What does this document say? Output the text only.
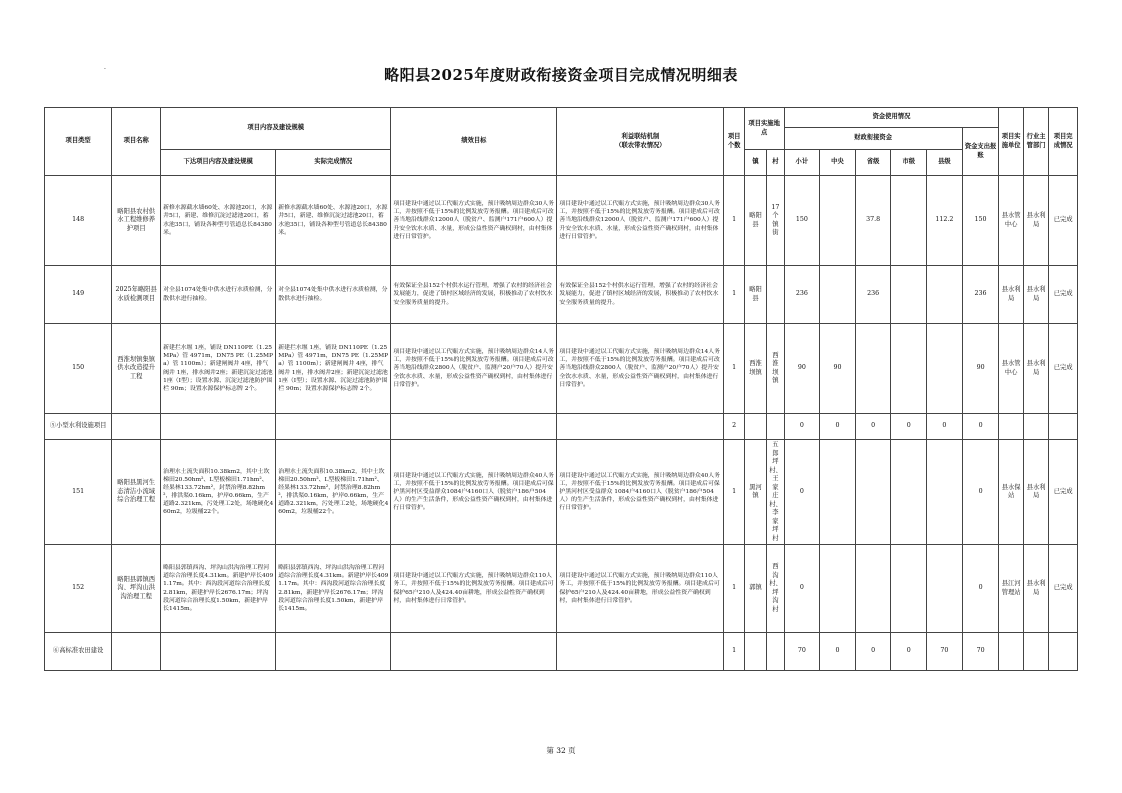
.	略阳县2025年度财政衔接资金项目完成情况明细表
项目类型	项目名称	项目内容及建设规模		绩效目标	利益联结机制
（联农带农情况）	项目个数	项目实施地点		资金使用情况						项目实施单位	行业主管部门	项目完成情况
									财政衔接资金					资金支出报账			
		下达项目内容及建设规模	实际完成情况				镇	村	小计	中央	省级	市级	县级				
148	略阳县农村供水工程维修养护项目	新修水源截水墙60处、水源池20口，水源井5口，新建、维修沉淀过滤池20口，蓄水池35口，铺设各种型号管道总长84380米。	新修水源截水墙60处、水源池20口，水源井5口，新建、维修沉淀过滤池20口，蓄水池35口，铺设各种型号管道总长84380米。	项目建设中通过以工代赈方式实施，预计吸纳周边群众30人务工，并按照不低于15%的比例发放劳务报酬。项目建成后可改善当地沿线群众12000人（脱贫户、监测户171户600人）提升安全饮水水质、水量，形成公益性资产确权到村，由村集体进行日常管护。	项目建设中通过以工代赈方式实施，预计吸纳周边群众30人务工，并按照不低于15%的比例发放劳务报酬。项目建成后可改善当地沿线群众12000人（脱贫户、监测户171户600人）提升安全饮水水质、水量，形成公益性资产确权到村，由村集体进行日常管护。	1	略阳县	17个镇街	150		37.8		112.2	150	县水管中心	县水利局	已完成
149	2025年略阳县水质检测项目	对全县1074处集中供水进行水质检测，分散供水进行抽检。	对全县1074处集中供水进行水质检测，分散供水进行抽检。	有效保证全县152个村供水运行管理，增强了农村的经济社会发展能力，促进了镇村区域经济的发展，积极推动了农村饮水安全服务质量的提升。	有效保证全县152个村供水运行管理，增强了农村的经济社会发展能力，促进了镇村区域经济的发展，积极推动了农村饮水安全服务质量的提升。	1	略阳县		236		236			236	县水利局	县水利局	已完成
150	西淮坝镇集镇供水改造提升工程	新建拦水堰 1座，铺设 DN110PE（1.25MPa）管 4971m，DN75 PE（1.25MPa）管 1100m）；新建闸阀井 4座，排气阀井 1座，排水阀井2座；新建沉淀过滤池1座（Ⅰ型）；设置水源、沉淀过滤池防护围栏 90m；设置水源保护标志牌 2个。	新建拦水堰 1座，铺设 DN110PE（1.25MPa）管 4971m，DN75 PE（1.25MPa）管 1100m）；新建闸阀井 4座，排气阀井 1座，排水阀井2座；新建沉淀过滤池1座（Ⅰ型）；设置水源、沉淀过滤池防护围栏 90m；设置水源保护标志牌 2个。	项目建设中通过以工代赈方式实施，预计吸纳周边群众14人务工，并按照不低于15%的比例发放劳务报酬。项目建成后可改善当地沿线群众2800人（脱贫户、监测户20户70人）提升安全饮水水质、水量，形成公益性资产确权到村，由村集体进行日常管护。	项目建设中通过以工代赈方式实施，预计吸纳周边群众14人务工，并按照不低于15%的比例发放劳务报酬。项目建成后可改善当地沿线群众2800人（脱贫户、监测户20户70人）提升安全饮水水质、水量，形成公益性资产确权到村，由村集体进行日常管护。	1	西淮坝镇	西淮坝镇	90	90				90	县水管中心	县水利局	已完成
⑤小型水利设施项目						2			0	0	0	0	0	0			
151	略阳县黑河生态清洁小流域综合治理工程	治理水土流失面积10.38km2，其中土坎梯田20.50hm²、L型板梯田1.71hm²、经果林133.72hm²，封禁治理8.82hm²，排洪渠0.16km，护岸0.66km，生产道路2.321km，污处理工2处，场地硬化460m2，垃圾桶22个。	治理水土流失面积10.38km2，其中土坎梯田20.50hm²、L型板梯田1.71hm²、经果林133.72hm²，封禁治理8.82hm²，排洪渠0.16km，护岸0.66km，生产道路2.321km，污处理工2处，场地硬化460m2，垃圾桶22个。	项目建设中通过以工代赈方式实施，预计吸纳周边群众40人务工，并按照不低于15%的比例发放劳务报酬。项目建成后可保护黑河村区受益群众1084户4160口人（脱贫户186户504人）的生产生活条件，形成公益性资产确权到村，由村集体进行日常管护。	项目建设中通过以工代赈方式实施，预计吸纳周边群众40人务工，并按照不低于15%的比例发放劳务报酬。项目建成后可保护黑河村区受益群众 1084户4160口人（脱贫户186户504人）的生产生活条件，形成公益性资产确权到村，由村集体进行日常管护。	1	黑河镇	五郎坪村、王家庄村、李家坪村	0					0	县水保站	县水利局	已完成
152	略阳县郭镇西沟、坪沟山洪沟治理工程	略阳县郭镇西沟、坪沟山洪沟治理工程河道综合治理长度4.31km。新建护岸长4091.17m。其中：西沟段河道综合治理长度2.81km，新建护岸长2676.17m；坪沟段河道综合治理长度1.50km，新建护岸长1415m。	略阳县郭镇西沟、坪沟山洪沟治理工程河道综合治理长度4.31km。新建护岸长4091.17m。其中：西沟段河道综合治理长度2.81km，新建护岸长2676.17m；坪沟段河道综合治理长度1.50km，新建护岸长1415m。	项目建设中通过以工代赈方式实施，预计吸纳周边群众110人务工，并按照不低于15%的比例发放劳务报酬。项目建成后可保护65户210人及424.40亩耕地，形成公益性资产确权到村，由村集体进行日常管护。	项目建设中通过以工代赈方式实施，预计吸纳周边群众110人务工，并按照不低于15%的比例发放劳务报酬。项目建成后可保护65户210人及424.40亩耕地，形成公益性资产确权到村，由村集体进行日常管护。	1	郭镇	西沟村、坪沟村	0					0	县江河管理站	县水利局	已完成
⑥高标准农田建设						1			70	0	0	0	70	70			
第 32 页
